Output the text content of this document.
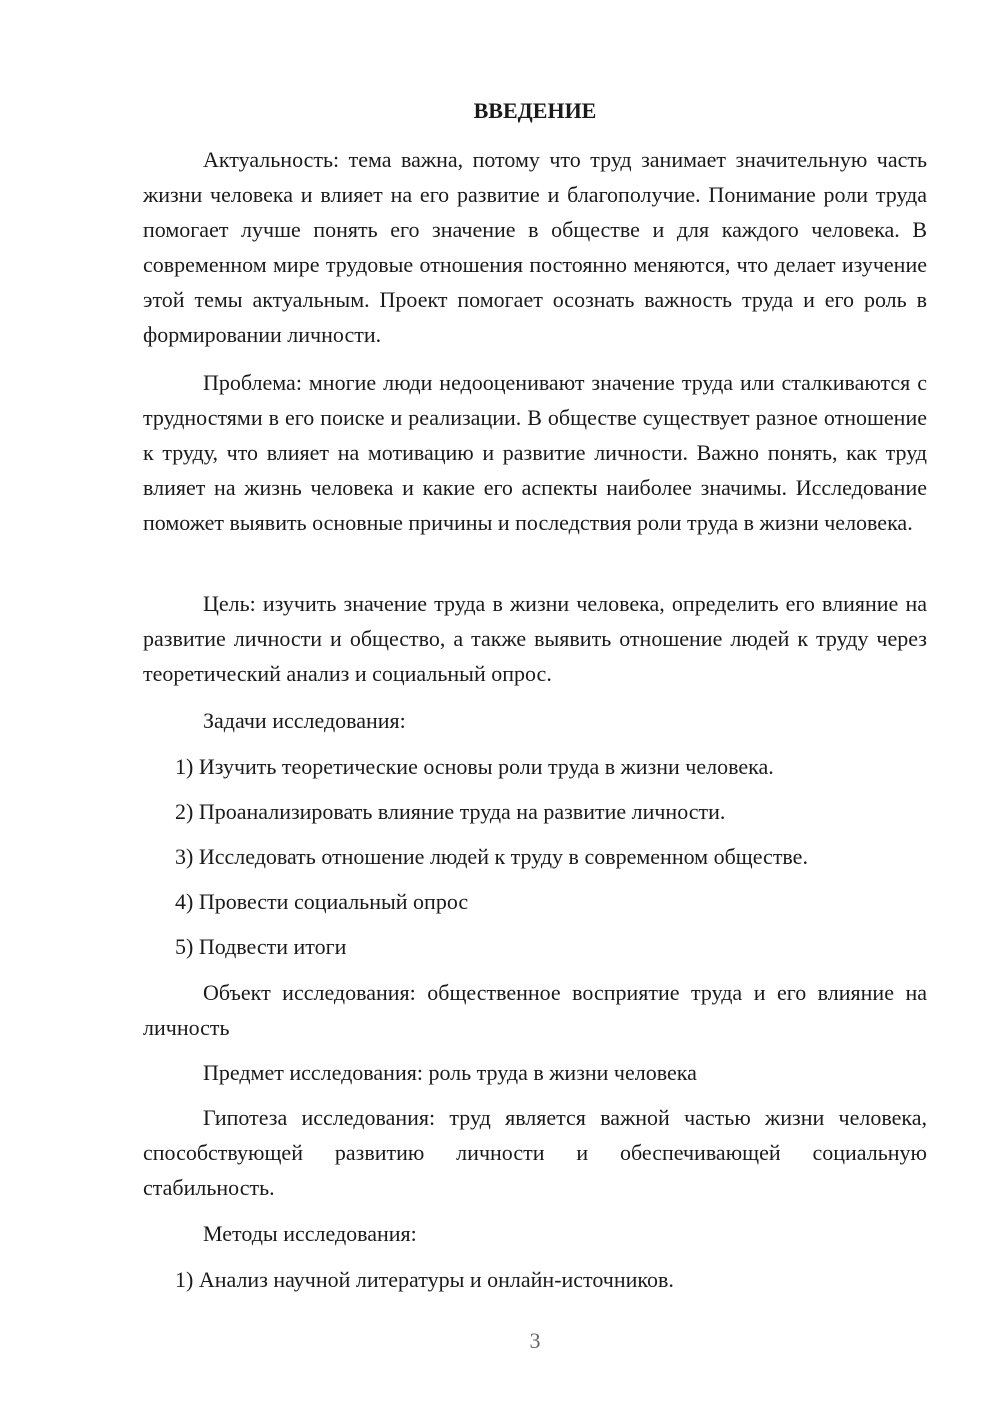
ВВЕДЕНИЕ

Актуальность: тема важна, потому что труд занимает значительную часть жизни человека и влияет на его развитие и благополучие. Понимание роли труда помогает лучше понять его значение в обществе и для каждого человека. В современном мире трудовые отношения постоянно меняются, что делает изучение этой темы актуальным. Проект помогает осознать важность труда и его роль в формировании личности.

Проблема: многие люди недооценивают значение труда или сталкиваются с трудностями в его поиске и реализации. В обществе существует разное отношение к труду, что влияет на мотивацию и развитие личности. Важно понять, как труд влияет на жизнь человека и какие его аспекты наиболее значимы. Исследование поможет выявить основные причины и последствия роли труда в жизни человека.

Цель: изучить значение труда в жизни человека, определить его влияние на развитие личности и общество, а также выявить отношение людей к труду через теоретический анализ и социальный опрос.

Задачи исследования:

1) Изучить теоретические основы роли труда в жизни человека.

2) Проанализировать влияние труда на развитие личности.

3) Исследовать отношение людей к труду в современном обществе.

4) Провести социальный опрос

5) Подвести итоги

Объект исследования: общественное восприятие труда и его влияние на личность

Предмет исследования: роль труда в жизни человека

Гипотеза исследования: труд является важной частью жизни человека, способствующей развитию личности и обеспечивающей социальную стабильность.

Методы исследования:

1) Анализ научной литературы и онлайн-источников.

3
